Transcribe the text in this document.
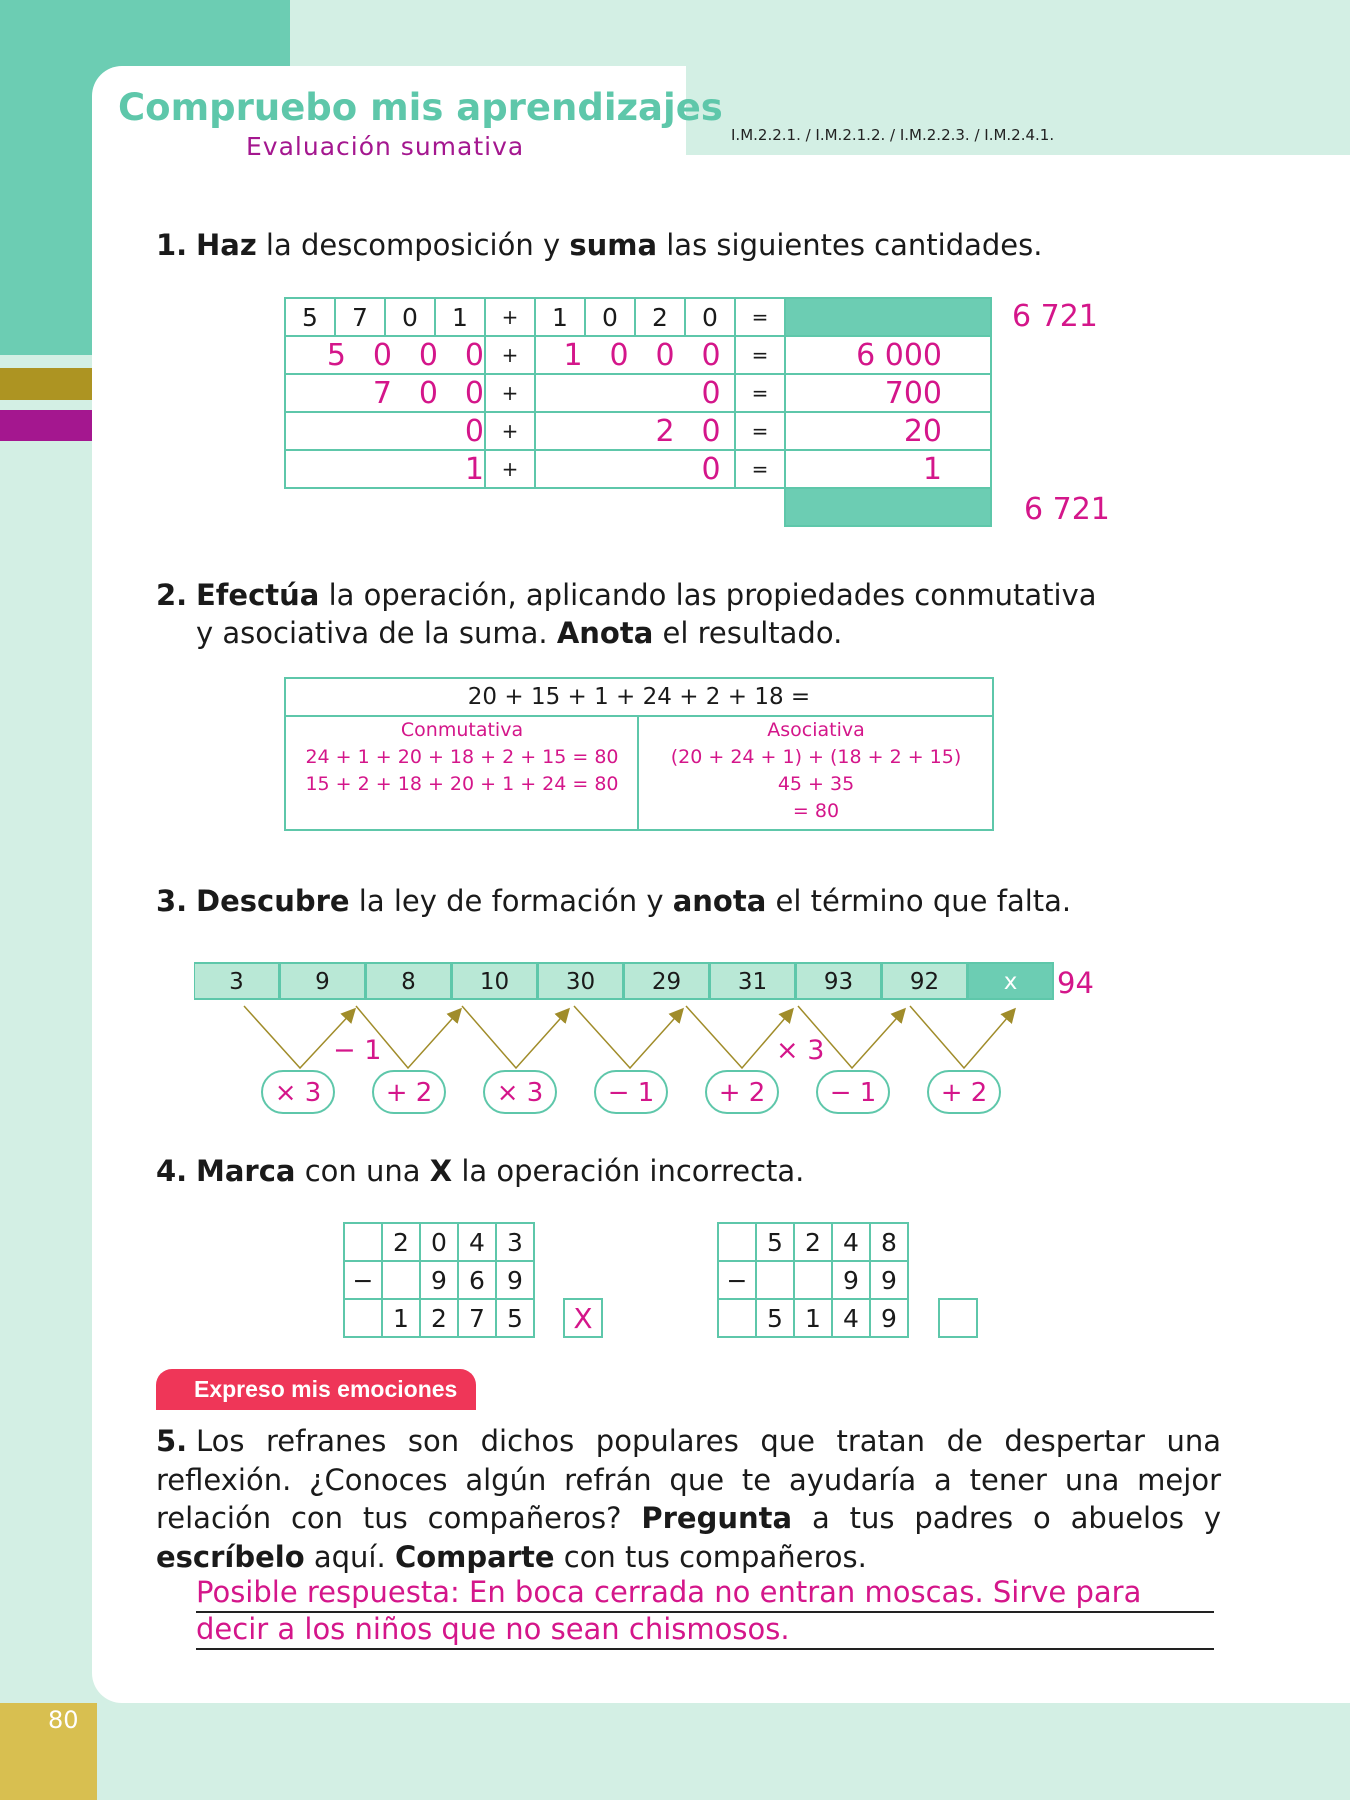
Compruebo mis aprendizajes
Evaluación sumativa	I.M.2.2.1. / I.M.2.1.2. / I.M.2.2.3. / I.M.2.4.1.
80
1. Haz la descomposición y suma las siguientes cantidades.
5	7	0	1	+	1	0	2	0	=	

5 0 0 0				+	1 0 0 0				=	6 000

7 0 0				+	0				=	700

0				+	2 0				=	20

1				+	0				=	1

6 721
6 721
2. Efectúa la operación, aplicando las propiedades conmutativa
y asociativa de la suma. Anota el resultado.
20 + 15 + 1 + 24 + 2 + 18 =
Conmutativa
24 + 1 + 20 + 18 + 2 + 15 = 80
15 + 2 + 18 + 20 + 1 + 24 = 80
Asociativa
(20 + 24 + 1) + (18 + 2 + 15)
45 + 35
= 80
3. Descubre la ley de formación y anota el término que falta.
3	9	8	10	30	29	31	93	92	x	94
− 1	× 3
× 3	+ 2	× 3	− 1	+ 2	− 1	+ 2
4. Marca con una X la operación incorrecta.
	2	0	4	3
−		9	6	9
	1	2	7	5	X
	5	2	4	8
−			9	9
	5	1	4	9
Expreso mis emociones
5. Los refranes son dichos populares que tratan de despertar una reflexión. ¿Conoces algún refrán que te ayudaría a tener una mejor relación con tus compañeros? Pregunta a tus padres o abuelos y escríbelo aquí. Comparte con tus compañeros.
Posible respuesta: En boca cerrada no entran moscas. Sirve para
decir a los niños que no sean chismosos.
